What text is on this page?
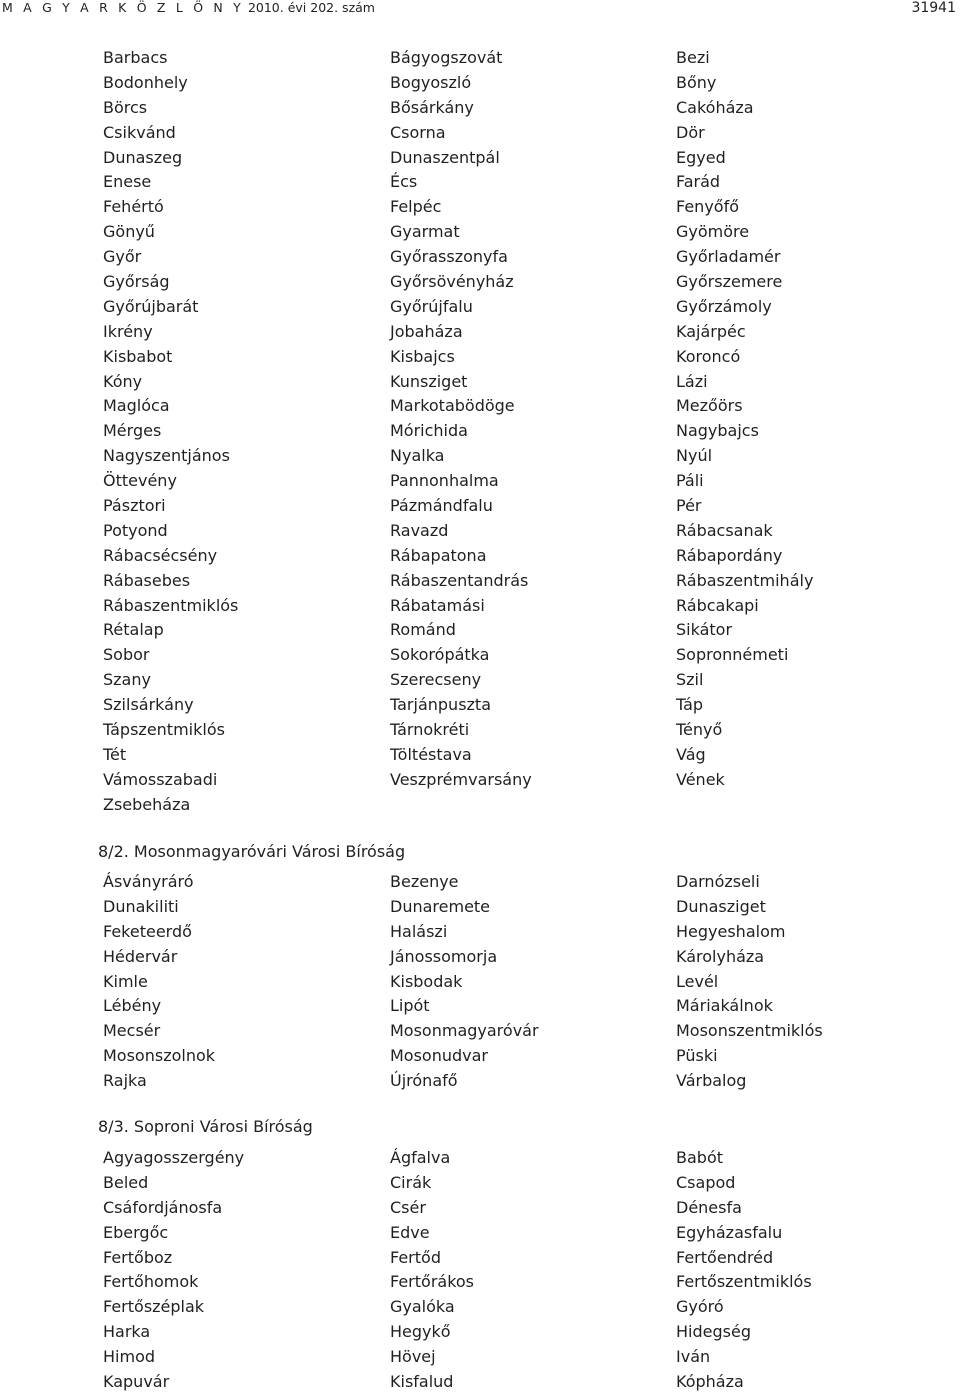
M A G Y A R K Ö Z L Ö N Y 2010. évi 202. szám	31941
Barbacs
Bodonhely
Börcs
Csikvánd
Dunaszeg
Enese
Fehértó
Gönyű
Győr
Győrság
Győrújbarát
Ikrény
Kisbabot
Kóny
Maglóca
Mérges
Nagyszentjános
Öttevény
Pásztori
Potyond
Rábacsécsény
Rábasebes
Rábaszentmiklós
Rétalap
Sobor
Szany
Szilsárkány
Tápszentmiklós
Tét
Vámosszabadi
Zsebeháza
Bágyogszovát
Bogyoszló
Bősárkány
Csorna
Dunaszentpál
Écs
Felpéc
Gyarmat
Győrasszonyfa
Győrsövényház
Győrújfalu
Jobaháza
Kisbajcs
Kunsziget
Markotabödöge
Mórichida
Nyalka
Pannonhalma
Pázmándfalu
Ravazd
Rábapatona
Rábaszentandrás
Rábatamási
Románd
Sokorópátka
Szerecseny
Tarjánpuszta
Tárnokréti
Töltéstava
Veszprémvarsány
Bezi
Bőny
Cakóháza
Dör
Egyed
Farád
Fenyőfő
Gyömöre
Győrladamér
Győrszemere
Győrzámoly
Kajárpéc
Koroncó
Lázi
Mezőörs
Nagybajcs
Nyúl
Páli
Pér
Rábacsanak
Rábapordány
Rábaszentmihály
Rábcakapi
Sikátor
Sopronnémeti
Szil
Táp
Tényő
Vág
Vének
8/2. Mosonmagyaróvári Városi Bíróság
Ásványráró
Dunakiliti
Feketeerdő
Hédervár
Kimle
Lébény
Mecsér
Mosonszolnok
Rajka
Bezenye
Dunaremete
Halászi
Jánossomorja
Kisbodak
Lipót
Mosonmagyaróvár
Mosonudvar
Újrónafő
Darnózseli
Dunasziget
Hegyeshalom
Károlyháza
Levél
Máriakálnok
Mosonszentmiklós
Püski
Várbalog
8/3. Soproni Városi Bíróság
Agyagosszergény
Beled
Csáfordjánosfa
Ebergőc
Fertőboz
Fertőhomok
Fertőszéplak
Harka
Himod
Kapuvár
Ágfalva
Cirák
Csér
Edve
Fertőd
Fertőrákos
Gyalóka
Hegykő
Hövej
Kisfalud
Babót
Csapod
Dénesfa
Egyházasfalu
Fertőendréd
Fertőszentmiklós
Gyóró
Hidegség
Iván
Kópháza
